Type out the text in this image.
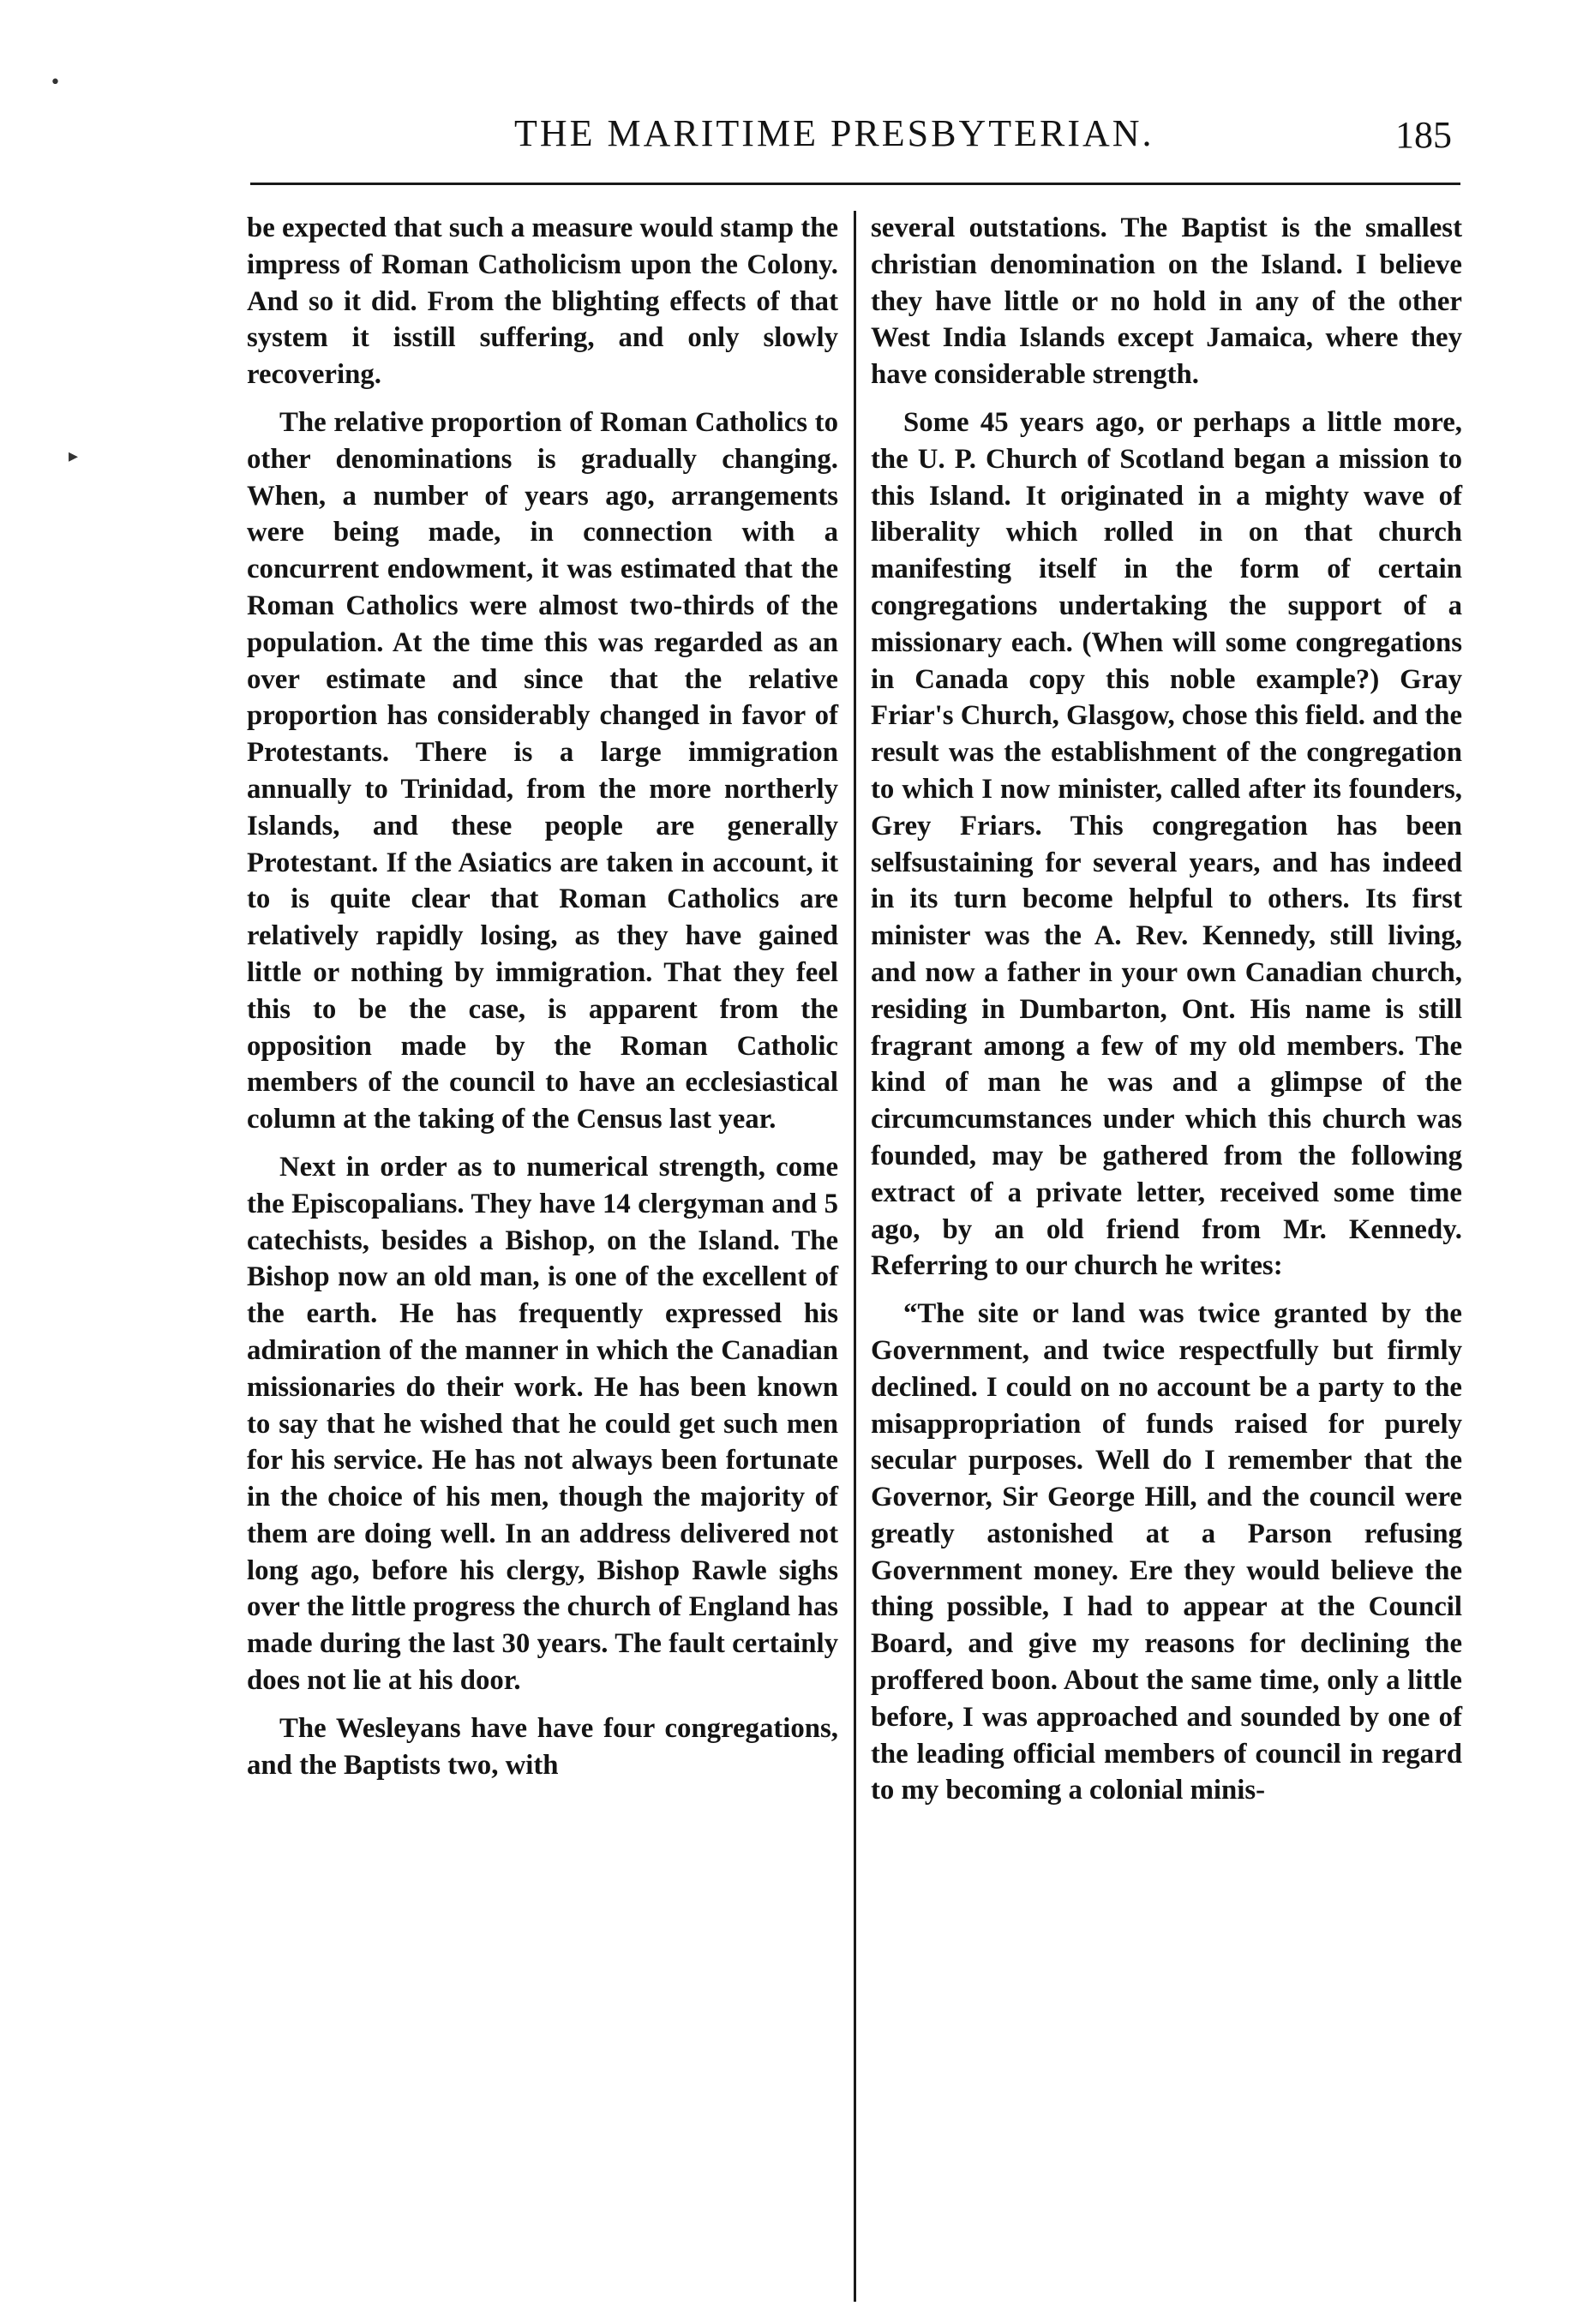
•
▸
THE MARITIME PRESBYTERIAN.	185

be expected that such a measure would stamp the impress of Roman Catholicism upon the Colony. And so it did. From the blighting effects of that system it isstill suffering, and only slowly recovering.

The relative proportion of Roman Catholics to other denominations is gradually changing. When, a number of years ago, arrangements were being made, in connection with a concurrent endowment, it was estimated that the Roman Catholics were almost two-thirds of the population. At the time this was regarded as an over estimate and since that the relative proportion has considerably changed in favor of Protestants. There is a large immigration annually to Trinidad, from the more northerly Islands, and these people are generally Protestant. If the Asiatics are taken in account, it to is quite clear that Roman Catholics are relatively rapidly losing, as they have gained little or nothing by immigration. That they feel this to be the case, is apparent from the opposition made by the Roman Catholic members of the council to have an ecclesiastical column at the taking of the Census last year.

Next in order as to numerical strength, come the Episcopalians. They have 14 clergyman and 5 catechists, besides a Bishop, on the Island. The Bishop now an old man, is one of the excellent of the earth. He has frequently expressed his admiration of the manner in which the Canadian missionaries do their work. He has been known to say that he wished that he could get such men for his service. He has not always been fortunate in the choice of his men, though the majority of them are doing well. In an address delivered not long ago, before his clergy, Bishop Rawle sighs over the little progress the church of England has made during the last 30 years. The fault certainly does not lie at his door.

The Wesleyans have have four congregations, and the Baptists two, with

several outstations. The Baptist is the smallest christian denomination on the Island. I believe they have little or no hold in any of the other West India Islands except Jamaica, where they have considerable strength.

Some 45 years ago, or perhaps a little more, the U. P. Church of Scotland began a mission to this Island. It originated in a mighty wave of liberality which rolled in on that church manifesting itself in the form of certain congregations undertaking the support of a missionary each. (When will some congregations in Canada copy this noble example?) Gray Friar's Church, Glasgow, chose this field. and the result was the establishment of the congregation to which I now minister, called after its founders, Grey Friars. This congregation has been selfsustaining for several years, and has indeed in its turn become helpful to others. Its first minister was the A. Rev. Kennedy, still living, and now a father in your own Canadian church, residing in Dumbarton, Ont. His name is still fragrant among a few of my old members. The kind of man he was and a glimpse of the circumcumstances under which this church was founded, may be gathered from the following extract of a private letter, received some time ago, by an old friend from Mr. Kennedy. Referring to our church he writes:

“The site or land was twice granted by the Government, and twice respectfully but firmly declined. I could on no account be a party to the misappropriation of funds raised for purely secular purposes. Well do I remember that the Governor, Sir George Hill, and the council were greatly astonished at a Parson refusing Government money. Ere they would believe the thing possible, I had to appear at the Council Board, and give my reasons for declining the proffered boon. About the same time, only a little before, I was approached and sounded by one of the leading official members of council in regard to my becoming a colonial minis-
